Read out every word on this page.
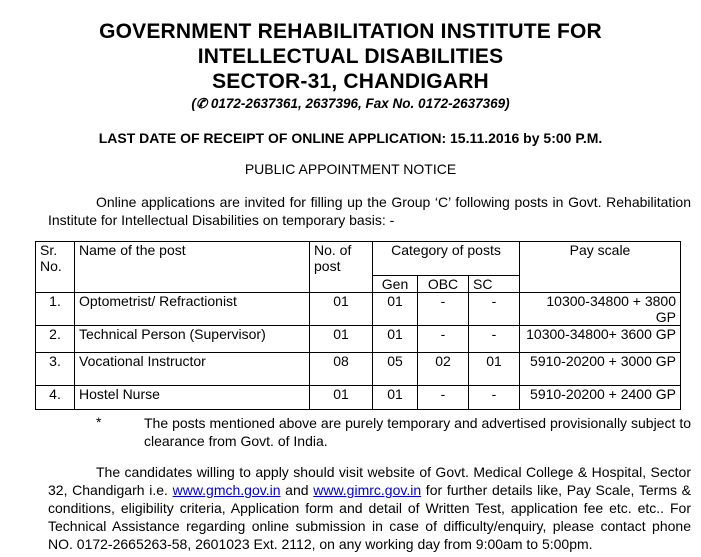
GOVERNMENT REHABILITATION INSTITUTE FOR
INTELLECTUAL DISABILITIES
SECTOR-31, CHANDIGARH
(✆ 0172-2637361, 2637396, Fax No. 0172-2637369)
LAST DATE OF RECEIPT OF ONLINE APPLICATION: 15.11.2016 by 5:00 P.M.
PUBLIC APPOINTMENT NOTICE
Online applications are invited for filling up the Group ‘C’ following posts in Govt. Rehabilitation Institute for Intellectual Disabilities on temporary basis: -
Sr. No.	Name of the post	No. of post	Category of posts			Pay scale
			Gen	OBC	SC	
1.	Optometrist/ Refractionist	01	01	-	-	10300-34800 + 3800 GP
2.	Technical Person (Supervisor)	01	01	-	-	10300-34800+ 3600 GP
3.	Vocational Instructor	08	05	02	01	5910-20200 + 3000 GP
4.	Hostel Nurse	01	01	-	-	5910-20200 + 2400 GP
*	The posts mentioned above are purely temporary and advertised provisionally subject to clearance from Govt. of India.
The candidates willing to apply should visit website of Govt. Medical College & Hospital, Sector 32, Chandigarh i.e. www.gmch.gov.in and www.gimrc.gov.in for further details like, Pay Scale, Terms & conditions, eligibility criteria, Application form and detail of Written Test, application fee etc. etc.. For Technical Assistance regarding online submission in case of difficulty/enquiry, please contact phone NO. 0172-2665263-58, 2601023 Ext. 2112, on any working day from 9:00am to 5:00pm.
